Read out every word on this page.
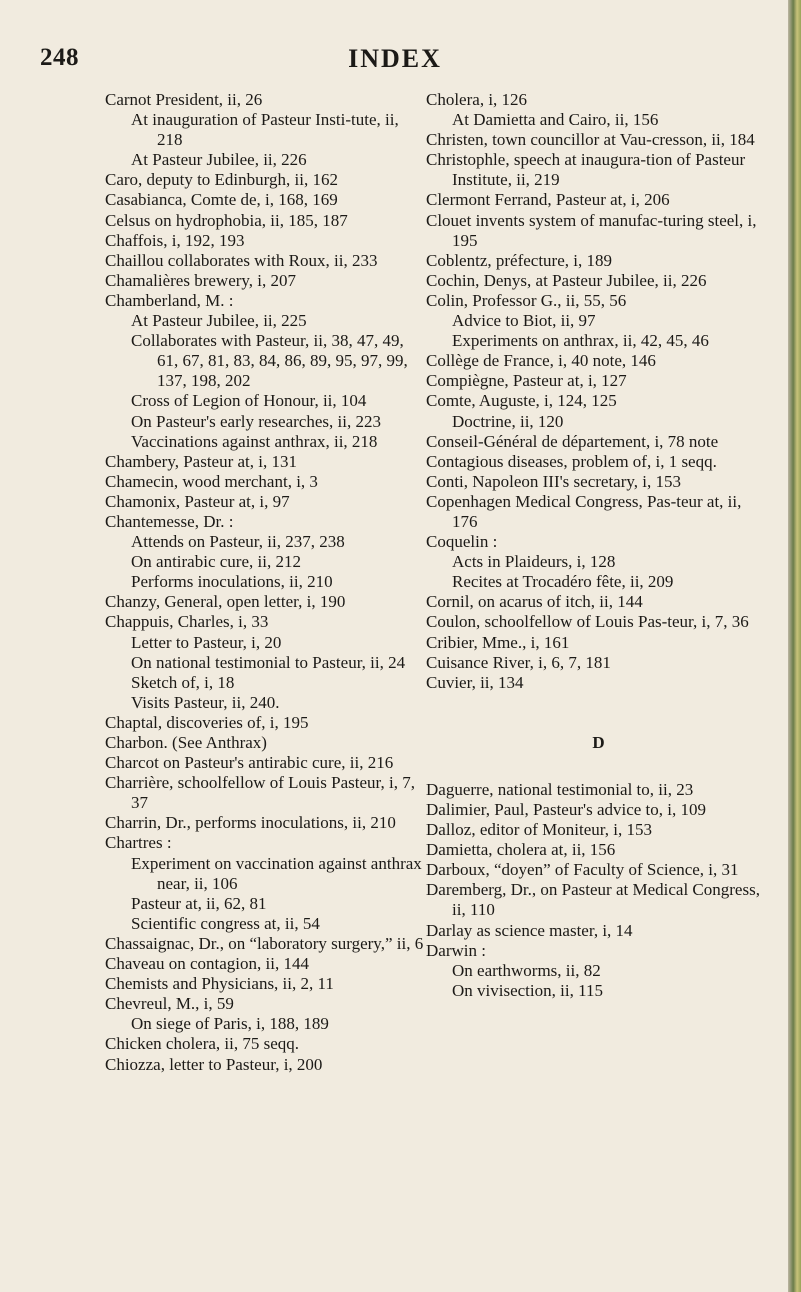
248	INDEX
Carnot President, ii, 26
At inauguration of Pasteur Insti-tute, ii, 218
At Pasteur Jubilee, ii, 226
Caro, deputy to Edinburgh, ii, 162
Casabianca, Comte de, i, 168, 169
Celsus on hydrophobia, ii, 185, 187
Chaffois, i, 192, 193
Chaillou collaborates with Roux, ii, 233
Chamalières brewery, i, 207
Chamberland, M. :
At Pasteur Jubilee, ii, 225
Collaborates with Pasteur, ii, 38, 47, 49, 61, 67, 81, 83, 84, 86, 89, 95, 97, 99, 137, 198, 202
Cross of Legion of Honour, ii, 104
On Pasteur's early researches, ii, 223
Vaccinations against anthrax, ii, 218
Chambery, Pasteur at, i, 131
Chamecin, wood merchant, i, 3
Chamonix, Pasteur at, i, 97
Chantemesse, Dr. :
Attends on Pasteur, ii, 237, 238
On antirabic cure, ii, 212
Performs inoculations, ii, 210
Chanzy, General, open letter, i, 190
Chappuis, Charles, i, 33
Letter to Pasteur, i, 20
On national testimonial to Pasteur, ii, 24
Sketch of, i, 18
Visits Pasteur, ii, 240.
Chaptal, discoveries of, i, 195
Charbon. (See Anthrax)
Charcot on Pasteur's antirabic cure, ii, 216
Charrière, schoolfellow of Louis Pasteur, i, 7, 37
Charrin, Dr., performs inoculations, ii, 210
Chartres :
Experiment on vaccination against anthrax near, ii, 106
Pasteur at, ii, 62, 81
Scientific congress at, ii, 54
Chassaignac, Dr., on “laboratory surgery,” ii, 6
Chaveau on contagion, ii, 144
Chemists and Physicians, ii, 2, 11
Chevreul, M., i, 59
On siege of Paris, i, 188, 189
Chicken cholera, ii, 75 seqq.
Chiozza, letter to Pasteur, i, 200
Cholera, i, 126
At Damietta and Cairo, ii, 156
Christen, town councillor at Vau-cresson, ii, 184
Christophle, speech at inaugura-tion of Pasteur Institute, ii, 219
Clermont Ferrand, Pasteur at, i, 206
Clouet invents system of manufac-turing steel, i, 195
Coblentz, préfecture, i, 189
Cochin, Denys, at Pasteur Jubilee, ii, 226
Colin, Professor G., ii, 55, 56
Advice to Biot, ii, 97
Experiments on anthrax, ii, 42, 45, 46
Collège de France, i, 40 note, 146
Compiègne, Pasteur at, i, 127
Comte, Auguste, i, 124, 125
Doctrine, ii, 120
Conseil-Général de département, i, 78 note
Contagious diseases, problem of, i, 1 seqq.
Conti, Napoleon III's secretary, i, 153
Copenhagen Medical Congress, Pas-teur at, ii, 176
Coquelin :
Acts in Plaideurs, i, 128
Recites at Trocadéro fête, ii, 209
Cornil, on acarus of itch, ii, 144
Coulon, schoolfellow of Louis Pas-teur, i, 7, 36
Cribier, Mme., i, 161
Cuisance River, i, 6, 7, 181
Cuvier, ii, 134
D
Daguerre, national testimonial to, ii, 23
Dalimier, Paul, Pasteur's advice to, i, 109
Dalloz, editor of Moniteur, i, 153
Damietta, cholera at, ii, 156
Darboux, “doyen” of Faculty of Science, i, 31
Daremberg, Dr., on Pasteur at Medical Congress, ii, 110
Darlay as science master, i, 14
Darwin :
On earthworms, ii, 82
On vivisection, ii, 115
